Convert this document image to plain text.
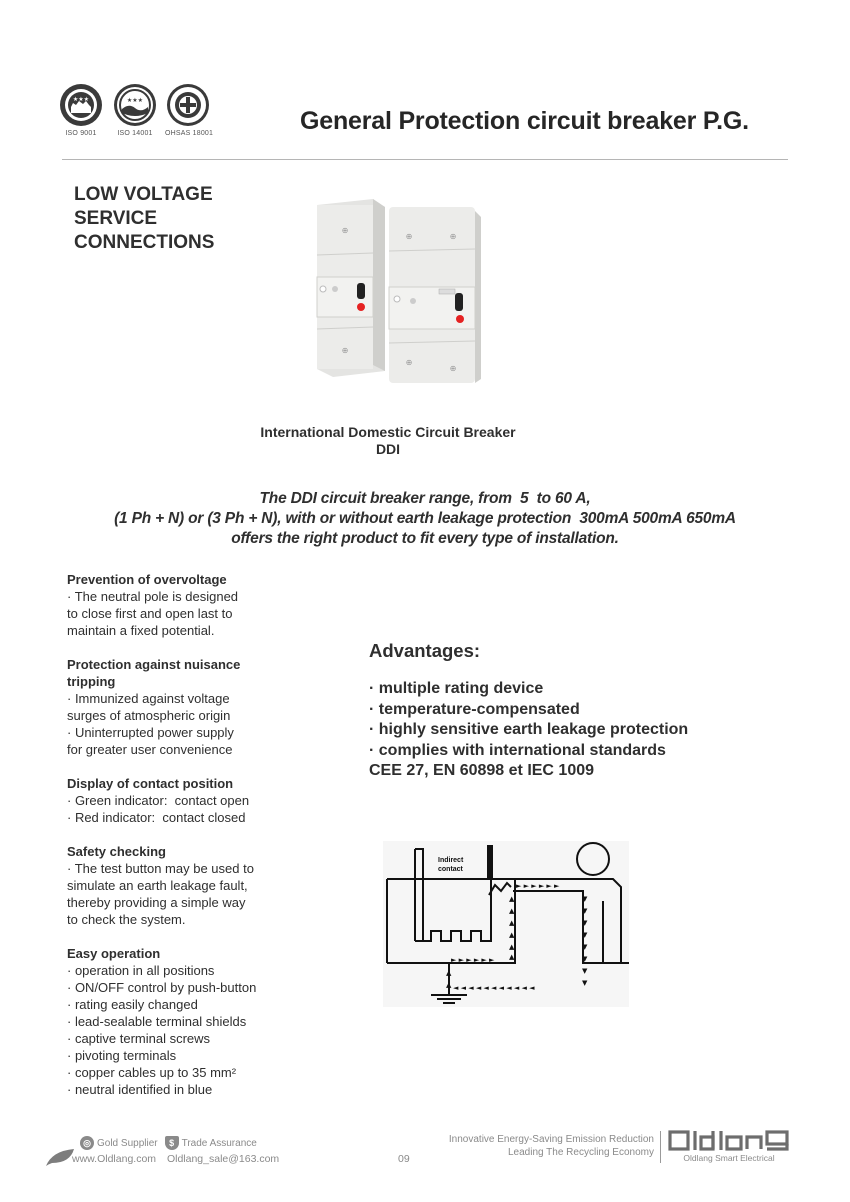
★★★
ISO 9001
★★★
ISO 14001	OHSAS 18001	General Protection circuit breaker P.G.
LOW VOLTAGE
SERVICE
CONNECTIONS
⊕
⊕
⊕	⊕
⊕
⊕
International Domestic Circuit Breaker
DDI
The DDI circuit breaker range, from  5  to 60 A,
(1 Ph + N) or (3 Ph + N), with or without earth leakage protection  300mA 500mA 650mA
offers the right product to fit every type of installation.
Prevention of overvoltage
· The neutral pole is designed
to close first and open last to
maintain a fixed potential.
Protection against nuisance
tripping
· Immunized against voltage
surges of atmospheric origin
· Uninterrupted power supply
for greater user convenience
Display of contact position
· Green indicator:  contact open
· Red indicator:  contact closed
Safety checking
· The test button may be used to
simulate an earth leakage fault,
thereby providing a simple way
to check the system.
Easy operation
· operation in all positions
· ON/OFF control by push-button
· rating easily changed
· lead-sealable terminal shields
· captive terminal screws
· pivoting terminals
· copper cables up to 35 mm²
· neutral identified in blue
Advantages:
· multiple rating device
· temperature-compensated
· highly sensitive earth leakage protection
· complies with international standards
CEE 27, EN 60898 et IEC 1009
► ► ► ► ► ►
► ► ► ► ► ►
◄ ◄ ◄ ◄ ◄ ◄ ◄ ◄ ◄ ◄ ◄
▲
▲
▲
▲
▲
▲
▼
▼
▼
▼
▼
▼
▼
▼
▲
▲
Indirect
contact
◎ Gold Supplier	$ Trade Assurance
www.Oldlang.com Oldlang_sale@163.com	09
Innovative Energy-Saving Emission Reduction
Leading The Recycling Economy	Oldlang Smart Electrical
